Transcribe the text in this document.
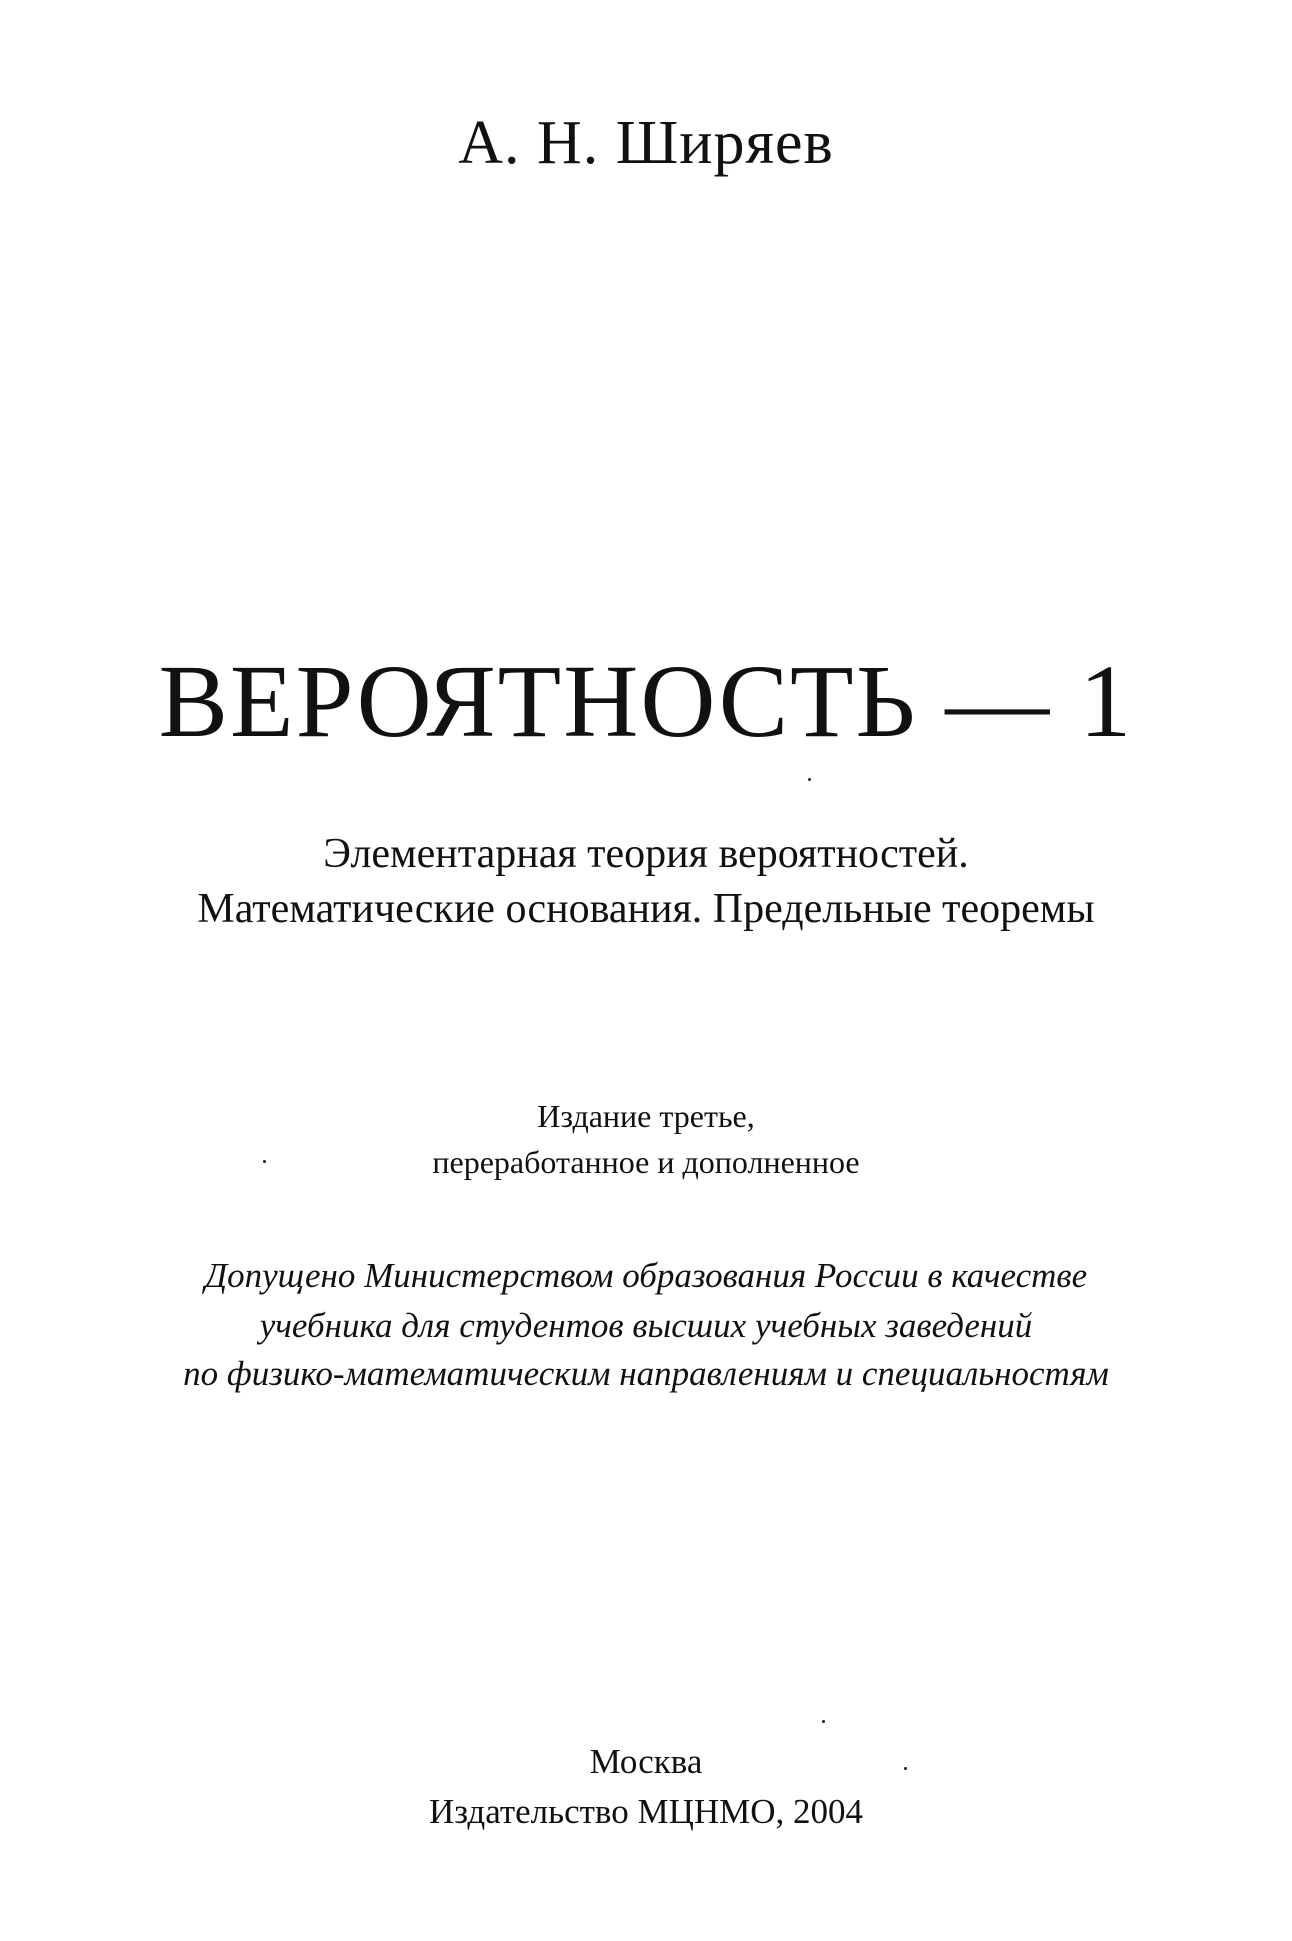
А. Н. Ширяев
ВЕРОЯТНОСТЬ — 1
Элементарная теория вероятностей.
Математические основания. Предельные теоремы
Издание третье,
переработанное и дополненное
Допущено Министерством образования России в качестве
учебника для студентов высших учебных заведений
по физико-математическим направлениям и специальностям
Москва
Издательство МЦНМО, 2004
